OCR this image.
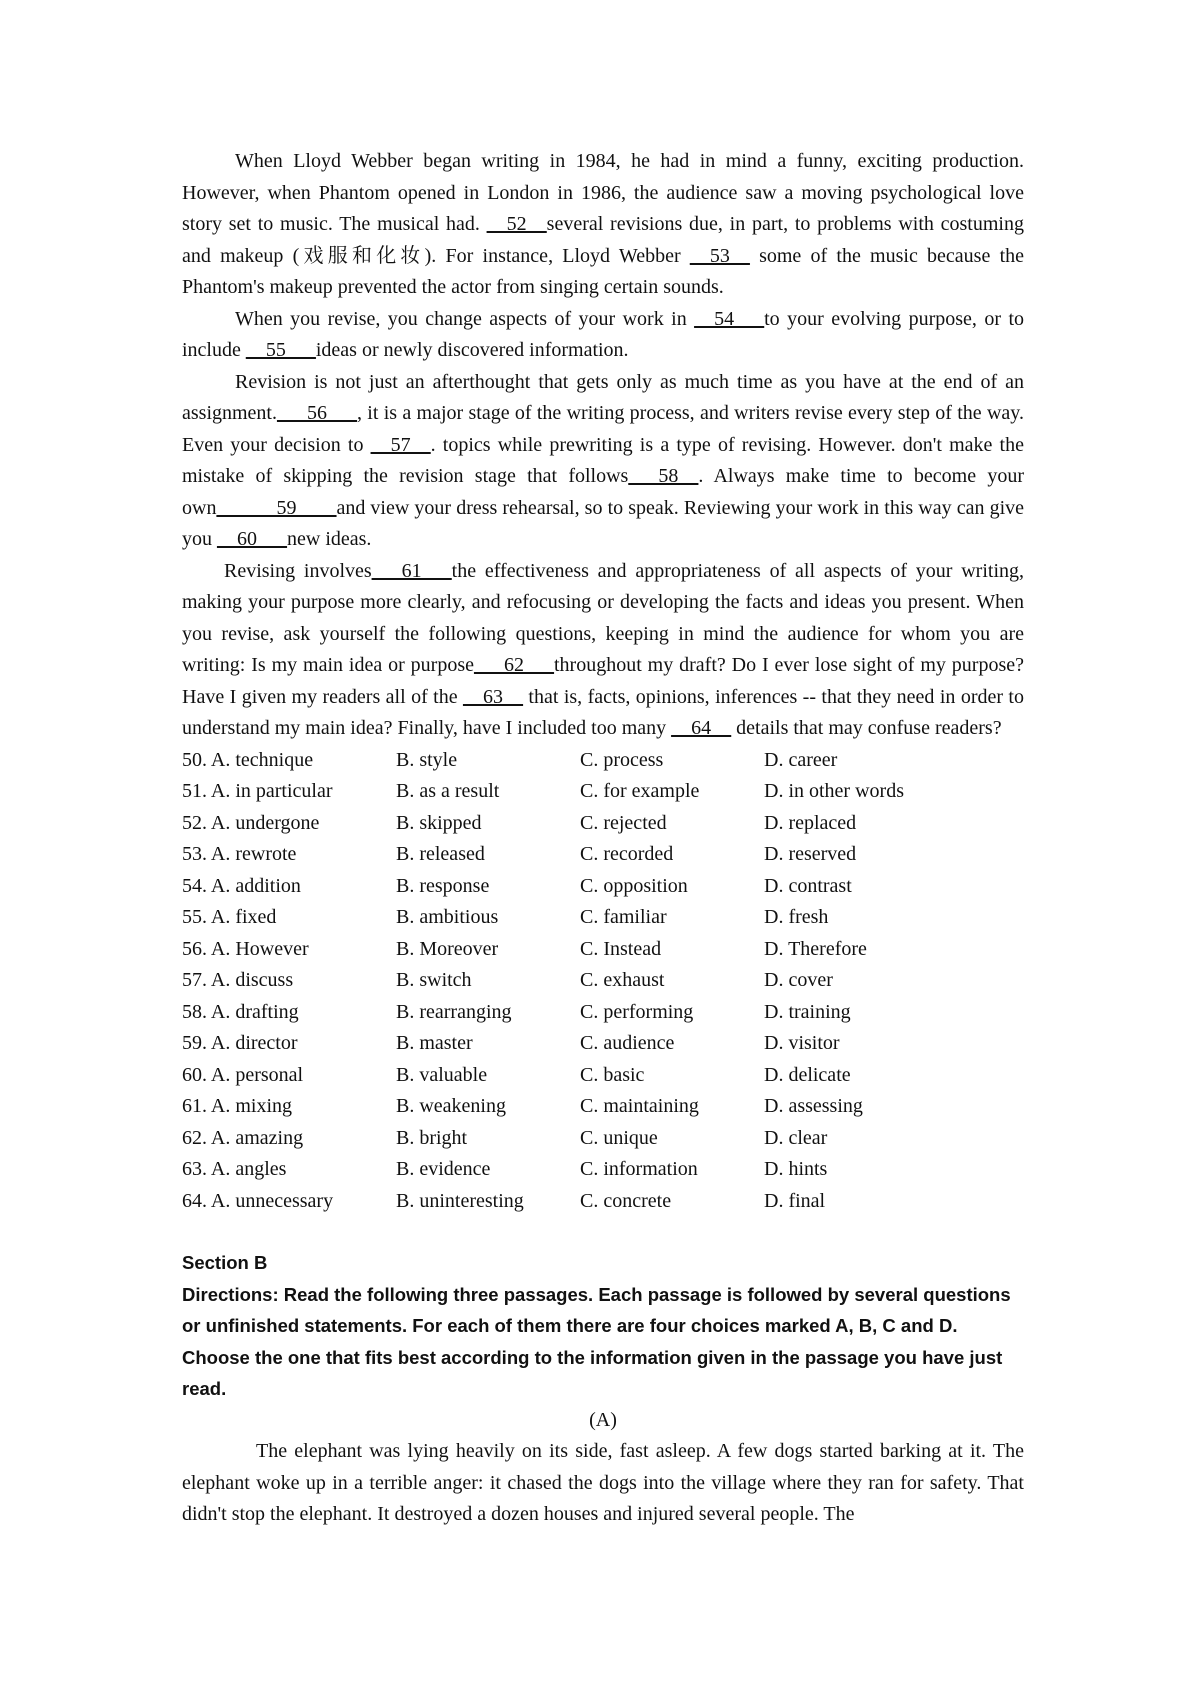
When Lloyd Webber began writing in 1984, he had in mind a funny, exciting production. However, when Phantom opened in London in 1986, the audience saw a moving psychological love story set to music. The musical had. __52__several revisions due, in part, to problems with costuming and makeup (戏服和化妆). For instance, Lloyd Webber __53__ some of the music because the Phantom's makeup prevented the actor from singing certain sounds.

When you revise, you change aspects of your work in __54___to your evolving purpose, or to include __55___ideas or newly discovered information.

Revision is not just an afterthought that gets only as much time as you have at the end of an assignment.___56___, it is a major stage of the writing process, and writers revise every step of the way. Even your decision to __57__. topics while prewriting is a type of revising. However. don't make the mistake of skipping the revision stage that follows___58__. Always make time to become your own______59____and view your dress rehearsal, so to speak. Reviewing your work in this way can give you __60___new ideas.

Revising involves___61___the effectiveness and appropriateness of all aspects of your writing, making your purpose more clearly, and refocusing or developing the facts and ideas you present. When you revise, ask yourself the following questions, keeping in mind the audience for whom you are writing: Is my main idea or purpose___62___throughout my draft? Do I ever lose sight of my purpose? Have I given my readers all of the __63__ that is, facts, opinions, inferences -- that they need in order to understand my main idea? Finally, have I included too many __64__ details that may confuse readers?

50. A. technique	B. style	C. process	D. career
51. A. in particular	B. as a result	C. for example	D. in other words
52. A. undergone	B. skipped	C. rejected	D. replaced
53. A. rewrote	B. released	C. recorded	D. reserved
54. A. addition	B. response	C. opposition	D. contrast
55. A. fixed	B. ambitious	C. familiar	D. fresh
56. A. However	B. Moreover	C. Instead	D. Therefore
57. A. discuss	B. switch	C. exhaust	D. cover
58. A. drafting	B. rearranging	C. performing	D. training
59. A. director	B. master	C. audience	D. visitor
60. A. personal	B. valuable	C. basic	D. delicate
61. A. mixing	B. weakening	C. maintaining	D. assessing
62. A. amazing	B. bright	C. unique	D. clear
63. A. angles	B. evidence	C. information	D. hints
64. A. unnecessary	B. uninteresting	C. concrete	D. final
Section B
Directions: Read the following three passages. Each passage is followed by several questions or unfinished statements. For each of them there are four choices marked A, B, C and D. Choose the one that fits best according to the information given in the passage you have just read.
(A)

The elephant was lying heavily on its side, fast asleep. A few dogs started barking at it. The elephant woke up in a terrible anger: it chased the dogs into the village where they ran for safety. That didn't stop the elephant. It destroyed a dozen houses and injured several people. The
